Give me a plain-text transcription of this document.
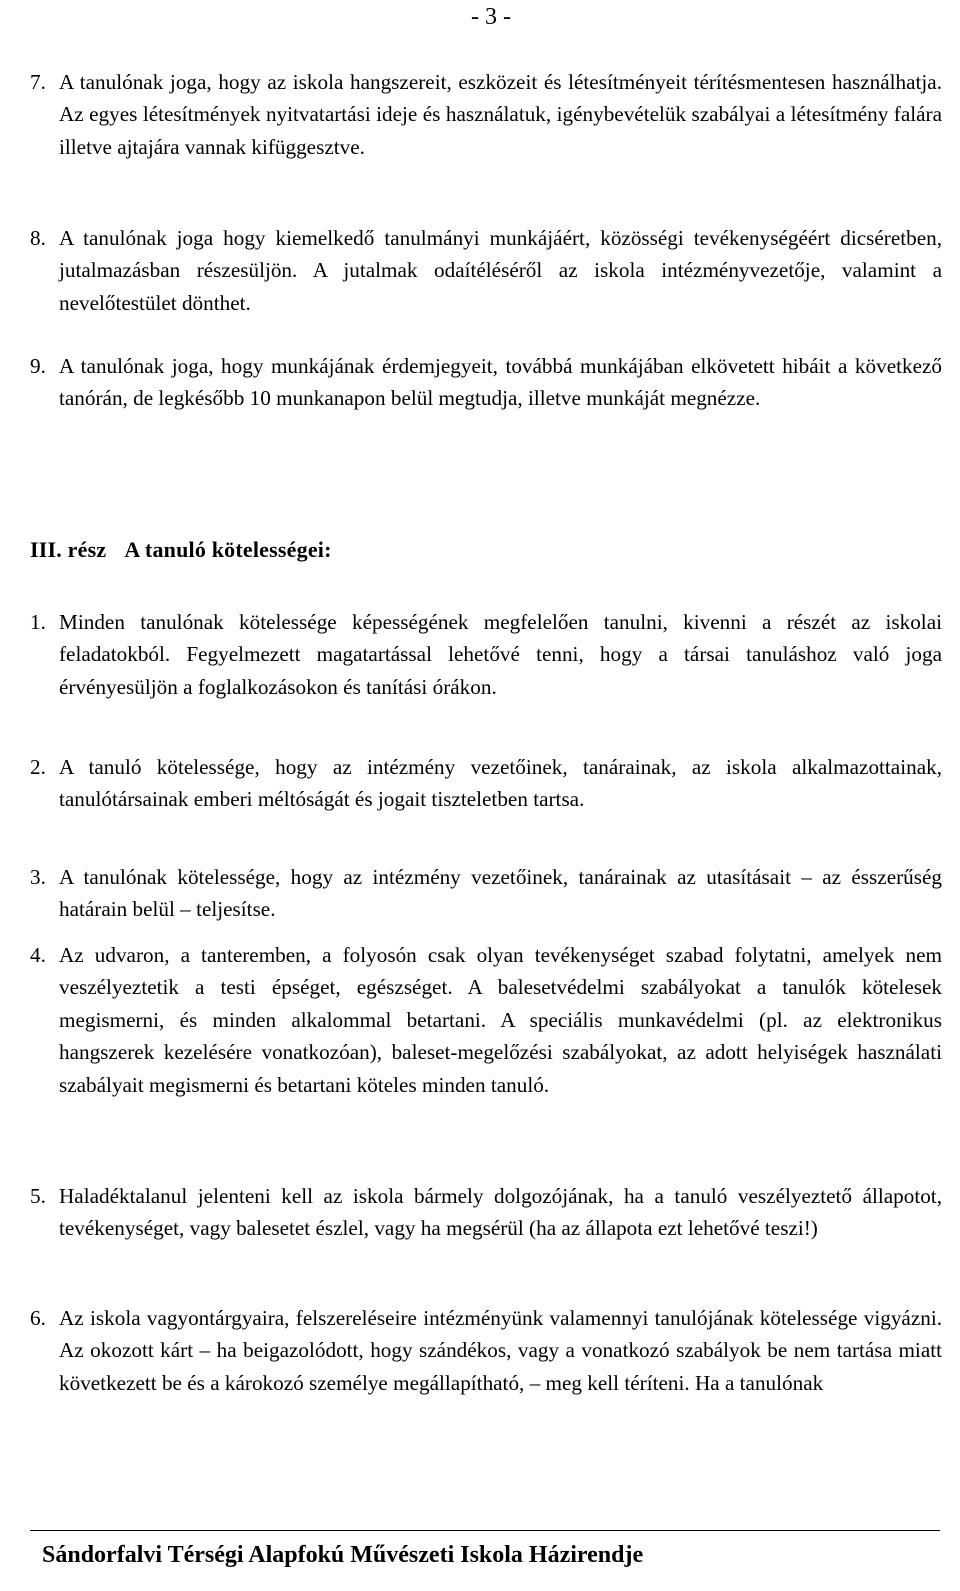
- 3 -
7. A tanulónak joga, hogy az iskola hangszereit, eszközeit és létesítményeit térítésmentesen használhatja. Az egyes létesítmények nyitvatartási ideje és használatuk, igénybevételük szabályai a létesítmény falára illetve ajtajára vannak kifüggesztve.
8. A tanulónak joga hogy kiemelkedő tanulmányi munkájáért, közösségi tevékenységéért dicséretben, jutalmazásban részesüljön. A jutalmak odaítéléséről az iskola intézményvezetője, valamint a nevelőtestület dönthet.
9. A tanulónak joga, hogy munkájának érdemjegyeit, továbbá munkájában elkövetett hibáit a következő tanórán, de legkésőbb 10 munkanapon belül megtudja, illetve munkáját megnézze.
III. rész A tanuló kötelességei:
1. Minden tanulónak kötelessége képességének megfelelően tanulni, kivenni a részét az iskolai feladatokból. Fegyelmezett magatartással lehetővé tenni, hogy a társai tanuláshoz való joga érvényesüljön a foglalkozásokon és tanítási órákon.
2. A tanuló kötelessége, hogy az intézmény vezetőinek, tanárainak, az iskola alkalmazottainak, tanulótársainak emberi méltóságát és jogait tiszteletben tartsa.
3. A tanulónak kötelessége, hogy az intézmény vezetőinek, tanárainak az utasításait – az ésszerűség határain belül – teljesítse.
4. Az udvaron, a tanteremben, a folyosón csak olyan tevékenységet szabad folytatni, amelyek nem veszélyeztetik a testi épséget, egészséget. A balesetvédelmi szabályokat a tanulók kötelesek megismerni, és minden alkalommal betartani. A speciális munkavédelmi (pl. az elektronikus hangszerek kezelésére vonatkozóan), baleset-megelőzési szabályokat, az adott helyiségek használati szabályait megismerni és betartani köteles minden tanuló.
5. Haladéktalanul jelenteni kell az iskola bármely dolgozójának, ha a tanuló veszélyeztető állapotot, tevékenységet, vagy balesetet észlel, vagy ha megsérül (ha az állapota ezt lehetővé teszi!)
6. Az iskola vagyontárgyaira, felszereléseire intézményünk valamennyi tanulójának kötelessége vigyázni. Az okozott kárt – ha beigazolódott, hogy szándékos, vagy a vonatkozó szabályok be nem tartása miatt következett be és a károkozó személye megállapítható, – meg kell téríteni. Ha a tanulónak
Sándorfalvi Térségi Alapfokú Művészeti Iskola Házirendje
